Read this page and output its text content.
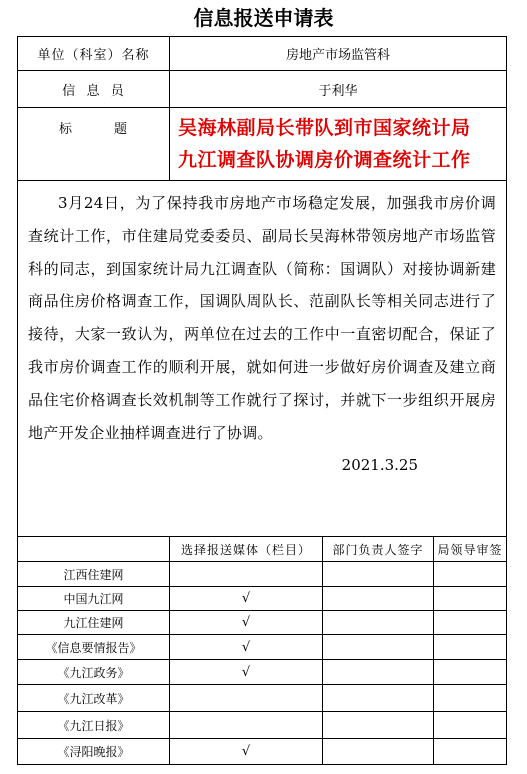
信息报送申请表
单位（科室）名称	房地产市场监管科		
信  息  员	于利华		
标        题	吴海林副局长带队到市国家统计局
九江调查队协调房价调查统计工作		

3月24日，为了保持我市房地产市场稳定发展，加强我市房价调查统计工作，市住建局党委委员、副局长吴海林带领房地产市场监管科的同志，到国家统计局九江调查队（简称：国调队）对接协调新建商品住房价格调查工作，国调队周队长、范副队长等相关同志进行了接待，大家一致认为，两单位在过去的工作中一直密切配合，保证了我市房价调查工作的顺利开展，就如何进一步做好房价调查及建立商品住宅价格调查长效机制等工作就行了探讨，并就下一步组织开展房地产开发企业抽样调查进行了协调。

2021.3.25			

	选择报送媒体（栏目）	部门负责人签字	局领导审签
江西住建网			
中国九江网	√		
九江住建网	√		
《信息要情报告》	√		
《九江政务》	√		
《九江改革》			
《九江日报》			
《浔阳晚报》	√		
